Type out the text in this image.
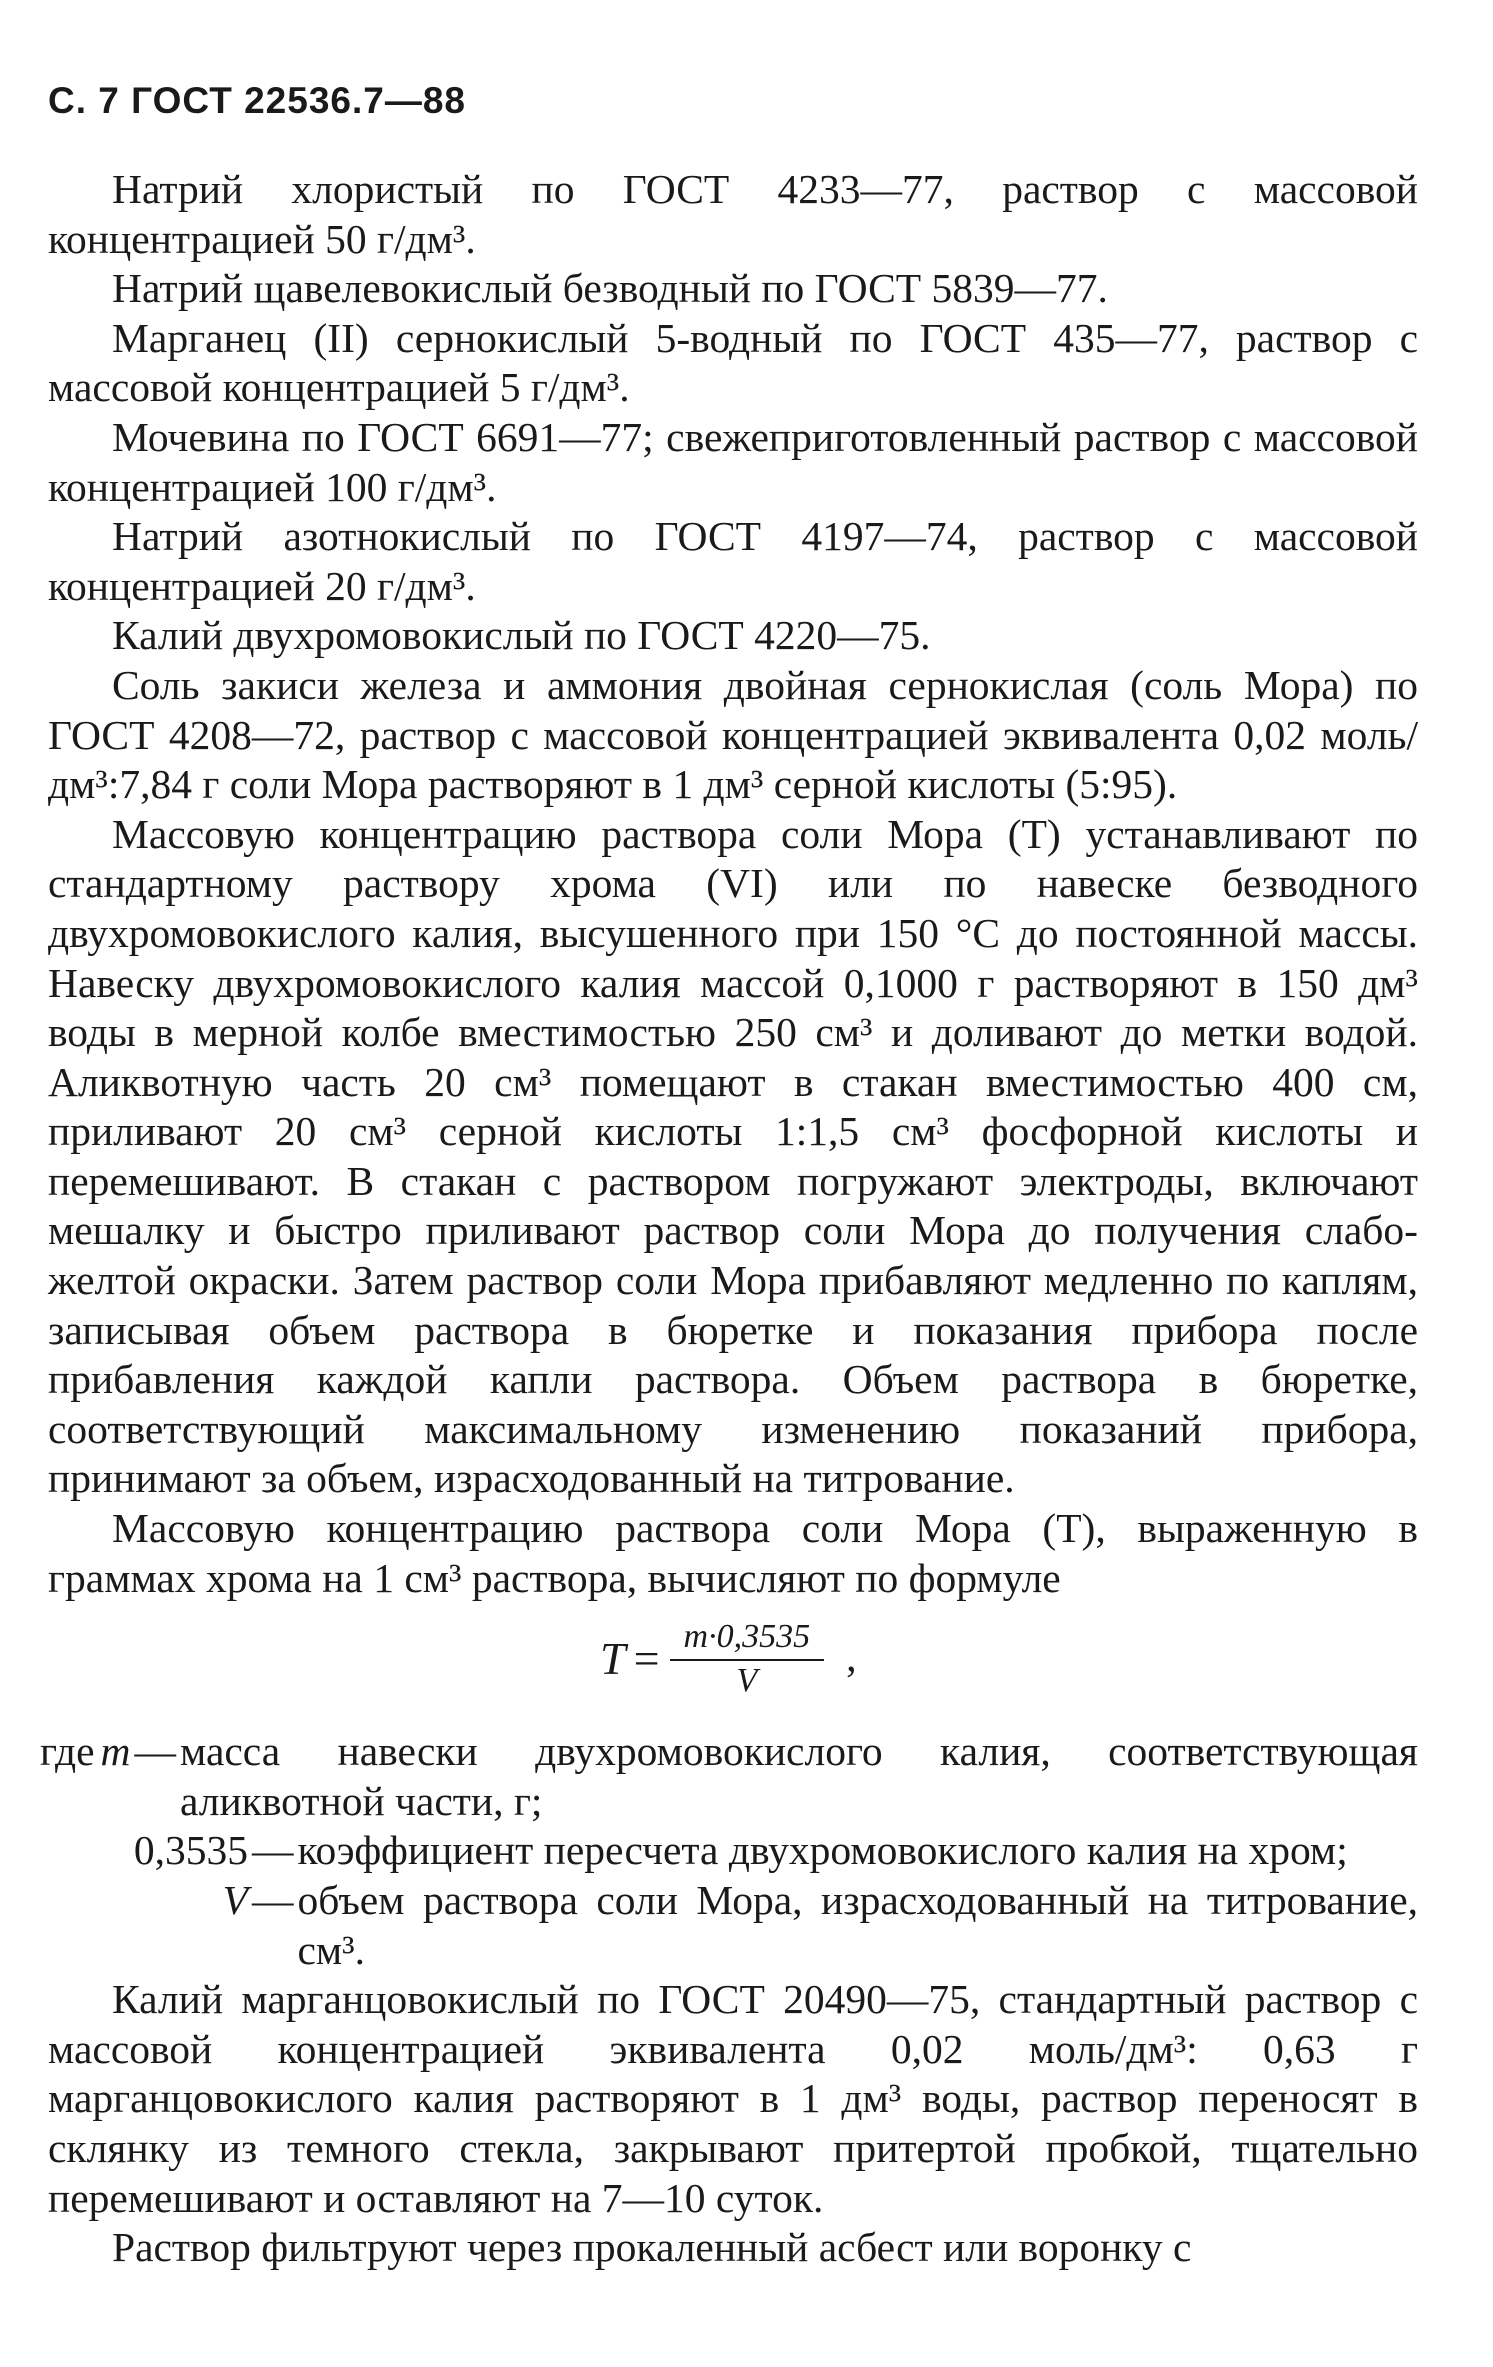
С. 7 ГОСТ 22536.7—88

Натрий хлористый по ГОСТ 4233—77, раствор с массовой концентрацией 50 г/дм³.

Натрий щавелевокислый безводный по ГОСТ 5839—77.

Марганец (II) сернокислый 5-водный по ГОСТ 435—77, раствор с массовой концентрацией 5 г/дм³.

Мочевина по ГОСТ 6691—77; свежеприготовленный раствор с массовой концентрацией 100 г/дм³.

Натрий азотнокислый по ГОСТ 4197—74, раствор с массовой концентрацией 20 г/дм³.

Калий двухромовокислый по ГОСТ 4220—75.

Соль закиси железа и аммония двойная сернокислая (соль Мора) по ГОСТ 4208—72, раствор с массовой концентрацией эквивалента 0,02 моль/дм³:7,84 г соли Мора растворяют в 1 дм³ серной кислоты (5:95).

Массовую концентрацию раствора соли Мора (Т) устанавливают по стандартному раствору хрома (VI) или по навеске безводного двухромовокислого калия, высушенного при 150 °С до постоянной массы. Навеску двухромовокислого калия массой 0,1000 г растворяют в 150 дм³ воды в мерной колбе вместимостью 250 см³ и доливают до метки водой. Аликвотную часть 20 см³ помещают в стакан вместимостью 400 см, приливают 20 см³ серной кислоты 1:1,5 см³ фосфорной кислоты и перемешивают. В стакан с раствором погружают электроды, включают мешалку и быстро приливают раствор соли Мора до получения слабо-желтой окраски. Затем раствор соли Мора прибавляют медленно по каплям, записывая объем раствора в бюретке и показания прибора после прибавления каждой капли раствора. Объем раствора в бюретке, соответствующий максимальному изменению показаний прибора, принимают за объем, израсходованный на титрование.

Массовую концентрацию раствора соли Мора (Т), выраженную в граммах хрома на 1 см³ раствора, вычисляют по формуле

$T = \frac{m\cdot 0,3535}{V}$ ,
где m — масса навески двухромовокислого калия, соответствующая аликвотной части, г;
0,3535 — коэффициент пересчета двухромовокислого калия на хром;
V — объем раствора соли Мора, израсходованный на титрование, см³.

Калий марганцовокислый по ГОСТ 20490—75, стандартный раствор с массовой концентрацией эквивалента 0,02 моль/дм³: 0,63 г марганцовокислого калия растворяют в 1 дм³ воды, раствор переносят в склянку из темного стекла, закрывают притертой пробкой, тщательно перемешивают и оставляют на 7—10 суток.

Раствор фильтруют через прокаленный асбест или воронку с
